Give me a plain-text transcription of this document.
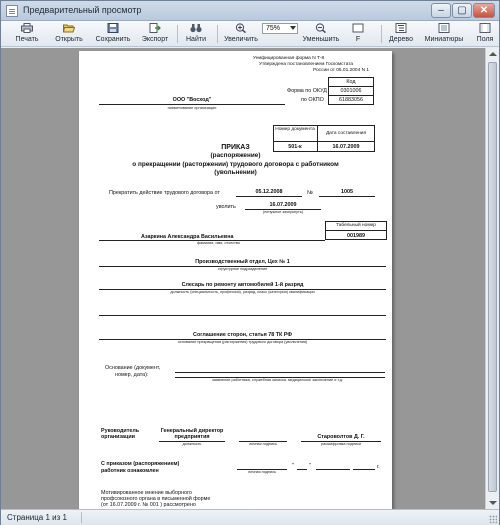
Предварительный просмотр	–	▢	✕
Печать	Открыть	Сохранить	Экспорт	Найти	Увеличить
75%
Уменьшить	F	Дерево	Миниатюры	Поля
Унифицированная форма N Т-8
Утверждена постановлением Госкомстата
России от 05.01.2004 N 1
Код
Форма по ОКУД	0301006
по ОКПО	61883056
ООО "Восход"
наименование организации
Номер документа
Дата составления
501-к	16.07.2009
ПРИКАЗ
(распоряжение)
о прекращении (расторжении) трудового договора с работником
(увольнении)
Прекратить действие трудового договора от	05.12.2008	№	1005
уволить	16.07.2009
(ненужное зачеркнуть)
Табельный номер
001989
Азаркина Александра Васильевна
фамилия, имя, отчество
Производственный отдел, Цех № 1
структурное подразделение
Слесарь по ремонту автомобилей 1-й разряд
должность (специальность, профессия), разряд, класс (категория) квалификации
Соглашение сторон, статья 78 ТК РФ
основание прекращения (расторжения) трудового договора (увольнения)
Основание (документ,
номер, дата):
заявление работника, служебная записка, медицинское заключение и т.д.
Руководитель
организации
Генеральный директор
предприятия
должность	личная подпись
Староволтов Д. Г.
расшифровка подписи
С приказом (распоряжением)
работник ознакомлен	личная подпись
"	"	г.
Мотивированное мнение выборного
профсоюзного органа в письменной форме
(от 16.07.2009 г. № 001 ) рассмотрено
Страница 1 из 1
